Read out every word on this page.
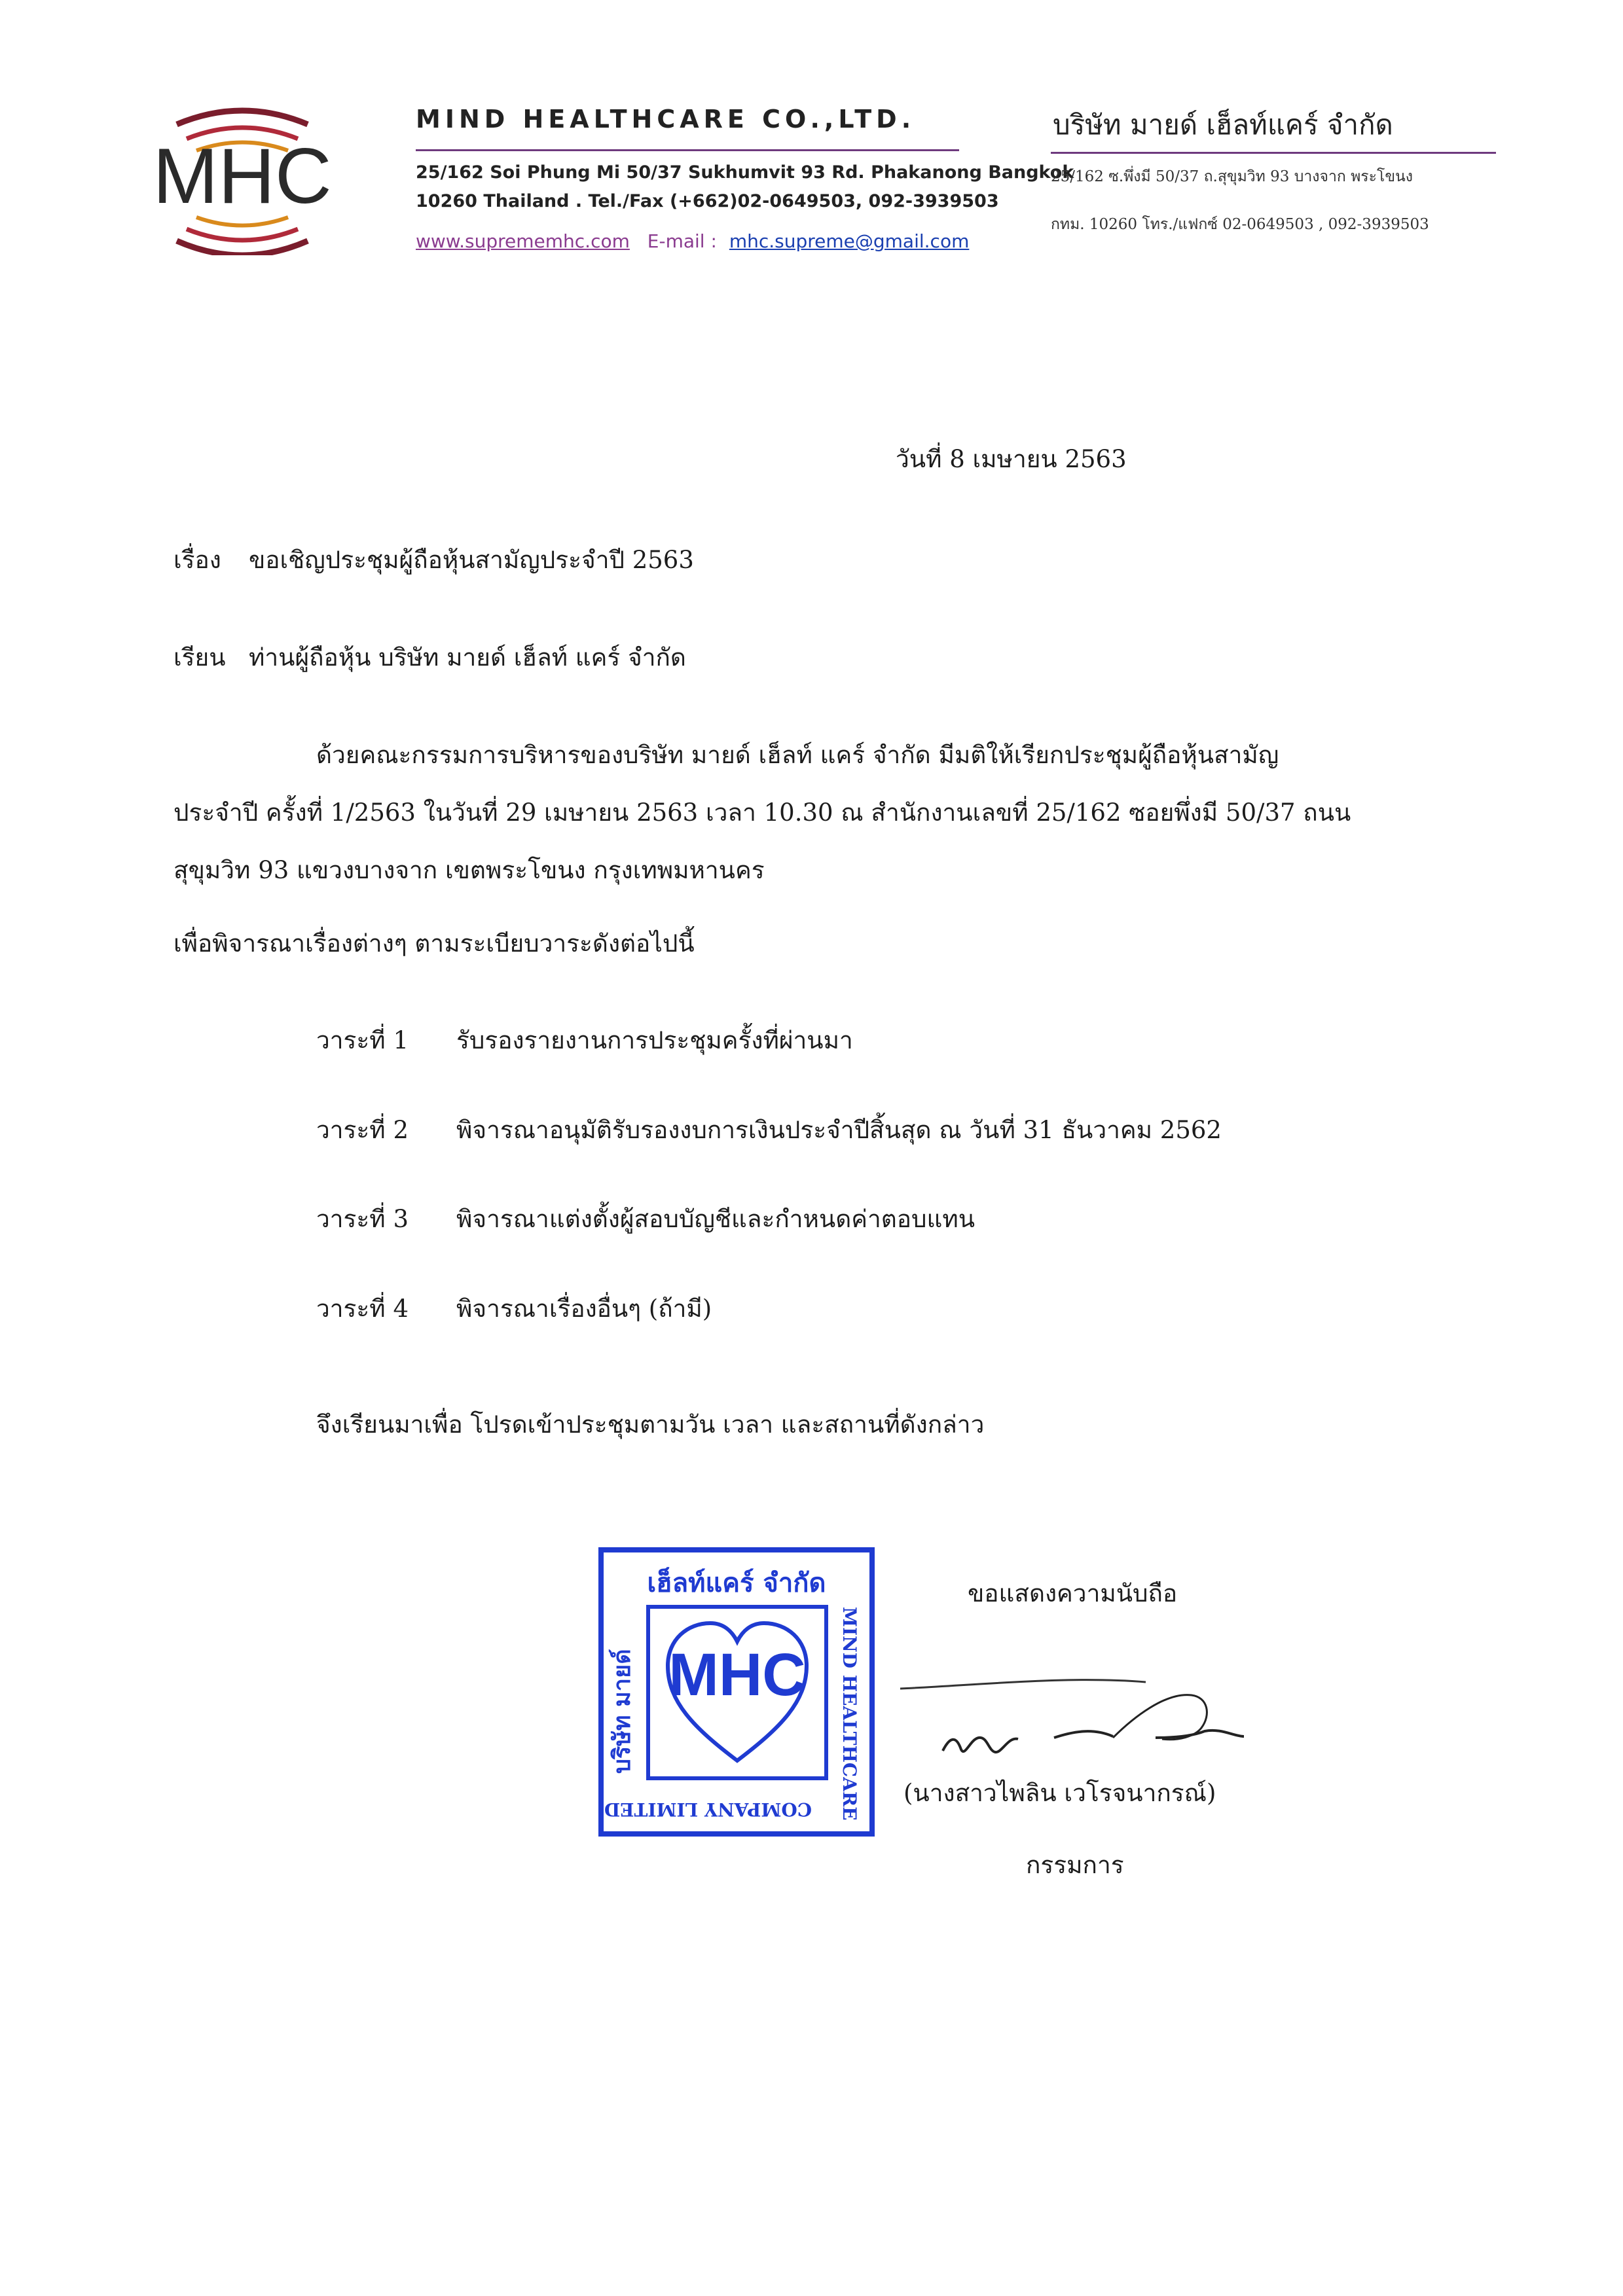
MHC
MIND HEALTHCARE CO.,LTD.
25/162 Soi Phung Mi 50/37 Sukhumvit 93 Rd. Phakanong Bangkok
10260 Thailand . Tel./Fax (+662)02-0649503, 092-3939503
www.suprememhc.com E-mail : mhc.supreme@gmail.com
บริษัท มายด์ เฮ็ลท์แคร์ จำกัด
25/162 ซ.พึ่งมี 50/37 ถ.สุขุมวิท 93 บางจาก พระโขนง
กทม. 10260 โทร./แฟกซ์ 02-0649503 , 092-3939503
วันที่ 8 เมษายน 2563
เรื่อง ขอเชิญประชุมผู้ถือหุ้นสามัญประจำปี 2563
เรียน ท่านผู้ถือหุ้น บริษัท มายด์ เฮ็ลท์ แคร์ จำกัด
ด้วยคณะกรรมการบริหารของบริษัท มายด์ เฮ็ลท์ แคร์ จำกัด มีมติให้เรียกประชุมผู้ถือหุ้นสามัญ
ประจำปี ครั้งที่ 1/2563 ในวันที่ 29 เมษายน 2563 เวลา 10.30 ณ สำนักงานเลขที่ 25/162 ซอยพึ่งมี 50/37 ถนน
สุขุมวิท 93 แขวงบางจาก เขตพระโขนง กรุงเทพมหานคร
เพื่อพิจารณาเรื่องต่างๆ ตามระเบียบวาระดังต่อไปนี้
วาระที่ 1 รับรองรายงานการประชุมครั้งที่ผ่านมา
วาระที่ 2 พิจารณาอนุมัติรับรองงบการเงินประจำปีสิ้นสุด ณ วันที่ 31 ธันวาคม 2562
วาระที่ 3 พิจารณาแต่งตั้งผู้สอบบัญชีและกำหนดค่าตอบแทน
วาระที่ 4 พิจารณาเรื่องอื่นๆ (ถ้ามี)
จึงเรียนมาเพื่อ โปรดเข้าประชุมตามวัน เวลา และสถานที่ดังกล่าว
เฮ็ลท์แคร์ จำกัด
บริษัท มายด์	MIND HEALTHCARE
COMPANY LIMITED
MHC
ขอแสดงความนับถือ
(นางสาวไพลิน เวโรจนากรณ์)
กรรมการ
